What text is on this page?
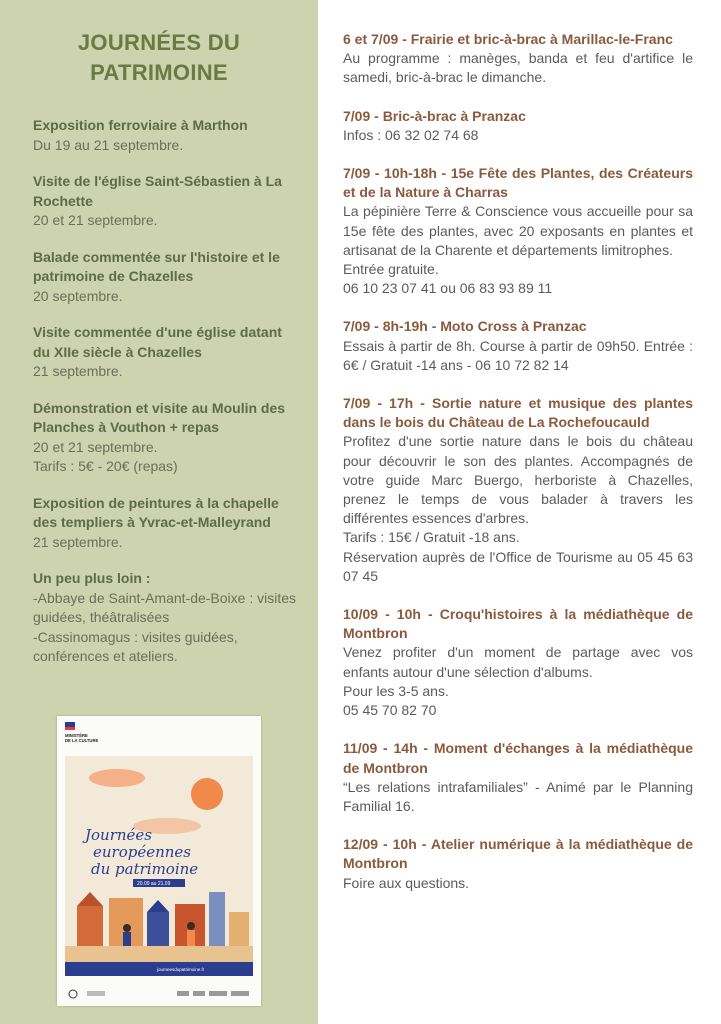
JOURNÉES DU PATRIMOINE
Exposition ferroviaire à Marthon
Du 19 au 21 septembre.
Visite de l'église Saint-Sébastien à La Rochette
20 et 21 septembre.
Balade commentée sur l'histoire et le patrimoine de Chazelles
20 septembre.
Visite commentée d'une église datant du XIIe siècle à Chazelles
21 septembre.
Démonstration et visite au Moulin des Planches à Vouthon + repas
20 et 21 septembre.
Tarifs : 5€ - 20€ (repas)
Exposition de peintures à la chapelle des templiers à Yvrac-et-Malleyrand
21 septembre.
Un peu plus loin :
-Abbaye de Saint-Amant-de-Boixe : visites guidées, théâtralisées
-Cassinomagus : visites guidées, conférences et ateliers.
MINISTÈRE
DE LA CULTURE
Journées
européennes
du patrimoine
20.09 au 21.09
journeesdupatrimoine.fr
6 et 7/09 - Frairie et bric-à-brac à Marillac-le-Franc
Au programme : manèges, banda et feu d'artifice le samedi, bric-à-brac le dimanche.
7/09 - Bric-à-brac à Pranzac
Infos : 06 32 02 74 68
7/09 - 10h-18h - 15e Fête des Plantes, des Créateurs et de la Nature à Charras
La pépinière Terre & Conscience vous accueille pour sa 15e fête des plantes, avec 20 exposants en plantes et artisanat de la Charente et départements limitrophes.
Entrée gratuite.
06 10 23 07 41 ou 06 83 93 89 11
7/09 - 8h-19h - Moto Cross à Pranzac
Essais à partir de 8h. Course à partir de 09h50. Entrée : 6€ / Gratuit -14 ans - 06 10 72 82 14
7/09 - 17h - Sortie nature et musique des plantes dans le bois du Château de La Rochefoucauld
Profitez d'une sortie nature dans le bois du château pour découvrir le son des plantes. Accompagnés de votre guide Marc Buergo, herboriste à Chazelles, prenez le temps de vous balader à travers les différentes essences d'arbres.
Tarifs : 15€ / Gratuit -18 ans.
Réservation auprès de l'Office de Tourisme au 05 45 63 07 45
10/09 - 10h - Croqu'histoires à la médiathèque de Montbron
Venez profiter d'un moment de partage avec vos enfants autour d'une sélection d'albums.
Pour les 3-5 ans.
05 45 70 82 70
11/09 - 14h - Moment d'échanges à la médiathèque de Montbron
“Les relations intrafamiliales” - Animé par le Planning Familial 16.
12/09 - 10h - Atelier numérique à la médiathèque de Montbron
Foire aux questions.
